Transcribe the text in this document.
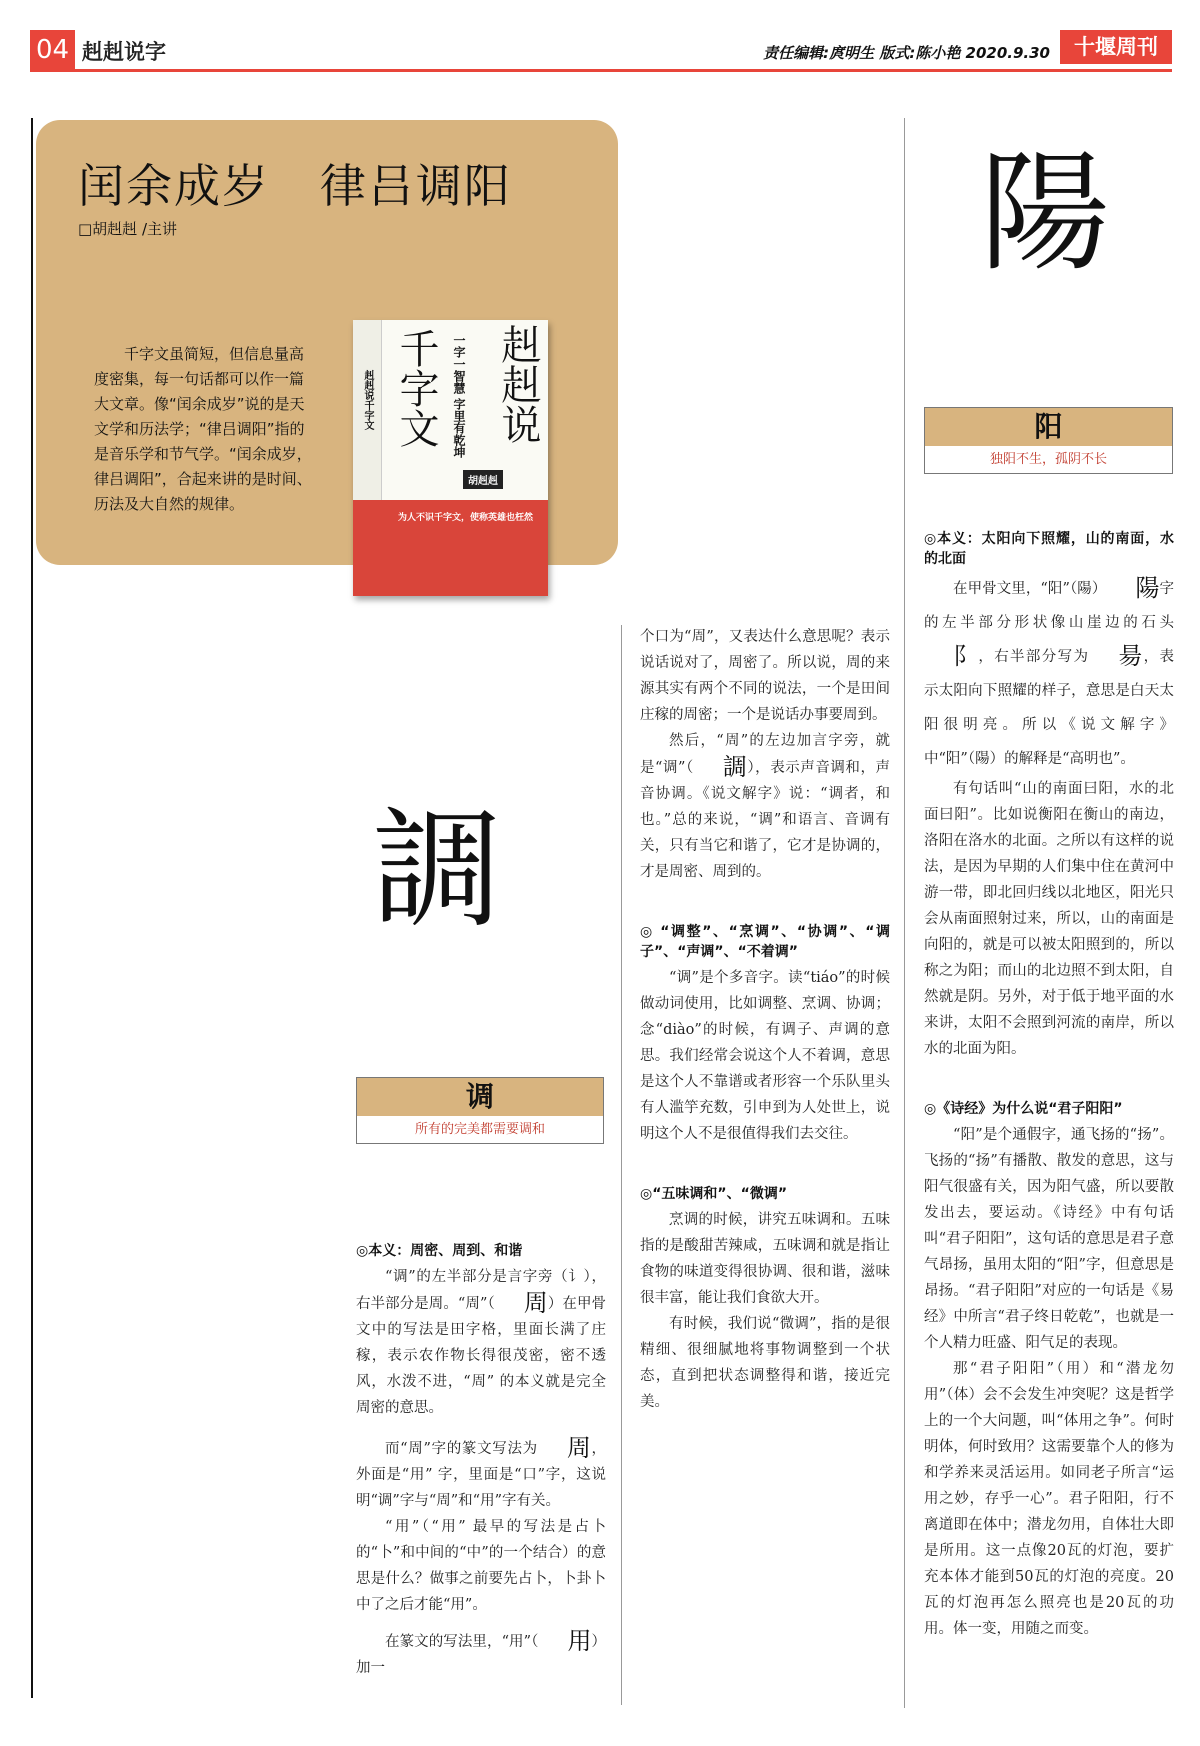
04 赳赳说字	责任编辑:庹明生 版式:陈小艳 2020.9.30	十堰周刊
闰余成岁   律吕调阳
□胡赳赳 /主讲
千字文虽简短，但信息量高度密集，每一句话都可以作一篇大文章。像“闰余成岁”说的是天文学和历法学；“律吕调阳”指的是音乐学和节气学。“闰余成岁，律吕调阳”，合起来讲的是时间、历法及大自然的规律。
赳赳说千字文 千字文 一字一智慧 字里有乾坤 赳赳说
胡赳赳
为人不识千字文，使称英雄也枉然
調
调
所有的完美都需要调和
陽
阳
独阳不生，孤阴不长
◎本义：周密、周到、和谐

“调”的左半部分是言字旁（讠），右半部分是周。“周”（ 周）在甲骨文中的写法是田字格，里面长满了庄稼，表示农作物长得很茂密，密不透风，水泼不进，“周” 的本义就是完全周密的意思。

而“周”字的篆文写法为 周，外面是“用” 字，里面是“口”字，这说明“调”字与“周”和“用”字有关。

“用”（“用” 最早的写法是占卜的“卜”和中间的“中”的一个结合）的意思是什么？做事之前要先占卜，卜卦卜中了之后才能“用”。

在篆文的写法里，“用”（ 用）加一

个口为“周”，又表达什么意思呢？表示说话说对了，周密了。所以说，周的来源其实有两个不同的说法，一个是田间庄稼的周密；一个是说话办事要周到。

然后，“周”的左边加言字旁，就是“调”（ 調），表示声音调和，声音协调。《说文解字》说：“调者，和也。”总的来说，“调”和语言、音调有关，只有当它和谐了，它才是协调的，才是周密、周到的。

◎ “调整”、“烹调”、“协调”、“调子”、“声调”、“不着调”

“调”是个多音字。读“tiáo”的时候做动词使用，比如调整、烹调、协调；念“diào”的时候，有调子、声调的意思。我们经常会说这个人不着调，意思是这个人不靠谱或者形容一个乐队里头有人滥竽充数，引申到为人处世上，说明这个人不是很值得我们去交往。

◎“五味调和”、“微调”

烹调的时候，讲究五味调和。五味指的是酸甜苦辣咸，五味调和就是指让食物的味道变得很协调、很和谐，滋味很丰富，能让我们食欲大开。

有时候，我们说“微调”，指的是很精细、很细腻地将事物调整到一个状态，直到把状态调整得和谐，接近完美。

◎本义：太阳向下照耀，山的南面，水的北面

在甲骨文里，“阳”（陽） 陽字的左半部分形状像山崖边的石头阝，右半部分写为 昜，表示太阳向下照耀的样子，意思是白天太阳很明亮。所以《说文解字》中“阳”（陽）的解释是“高明也”。

有句话叫“山的南面曰阳，水的北面曰阳”。比如说衡阳在衡山的南边，洛阳在洛水的北面。之所以有这样的说法，是因为早期的人们集中住在黄河中游一带，即北回归线以北地区，阳光只会从南面照射过来，所以，山的南面是向阳的，就是可以被太阳照到的，所以称之为阳；而山的北边照不到太阳，自然就是阴。另外，对于低于地平面的水来讲，太阳不会照到河流的南岸，所以水的北面为阳。

◎《诗经》为什么说“君子阳阳”

“阳”是个通假字，通飞扬的“扬”。飞扬的“扬”有播散、散发的意思，这与阳气很盛有关，因为阳气盛，所以要散发出去，要运动。《诗经》中有句话叫“君子阳阳”，这句话的意思是君子意气昂扬，虽用太阳的“阳”字，但意思是昂扬。“君子阳阳”对应的一句话是《易经》中所言“君子终日乾乾”，也就是一个人精力旺盛、阳气足的表现。

那“君子阳阳”（用）和“潜龙勿用”（体）会不会发生冲突呢？这是哲学上的一个大问题，叫“体用之争”。何时明体，何时致用？这需要靠个人的修为和学养来灵活运用。如同老子所言“运用之妙，存乎一心”。君子阳阳，行不离道即在体中；潜龙勿用，自体壮大即是所用。这一点像20瓦的灯泡，要扩充本体才能到50瓦的灯泡的亮度。20瓦的灯泡再怎么照亮也是20瓦的功用。体一变，用随之而变。
